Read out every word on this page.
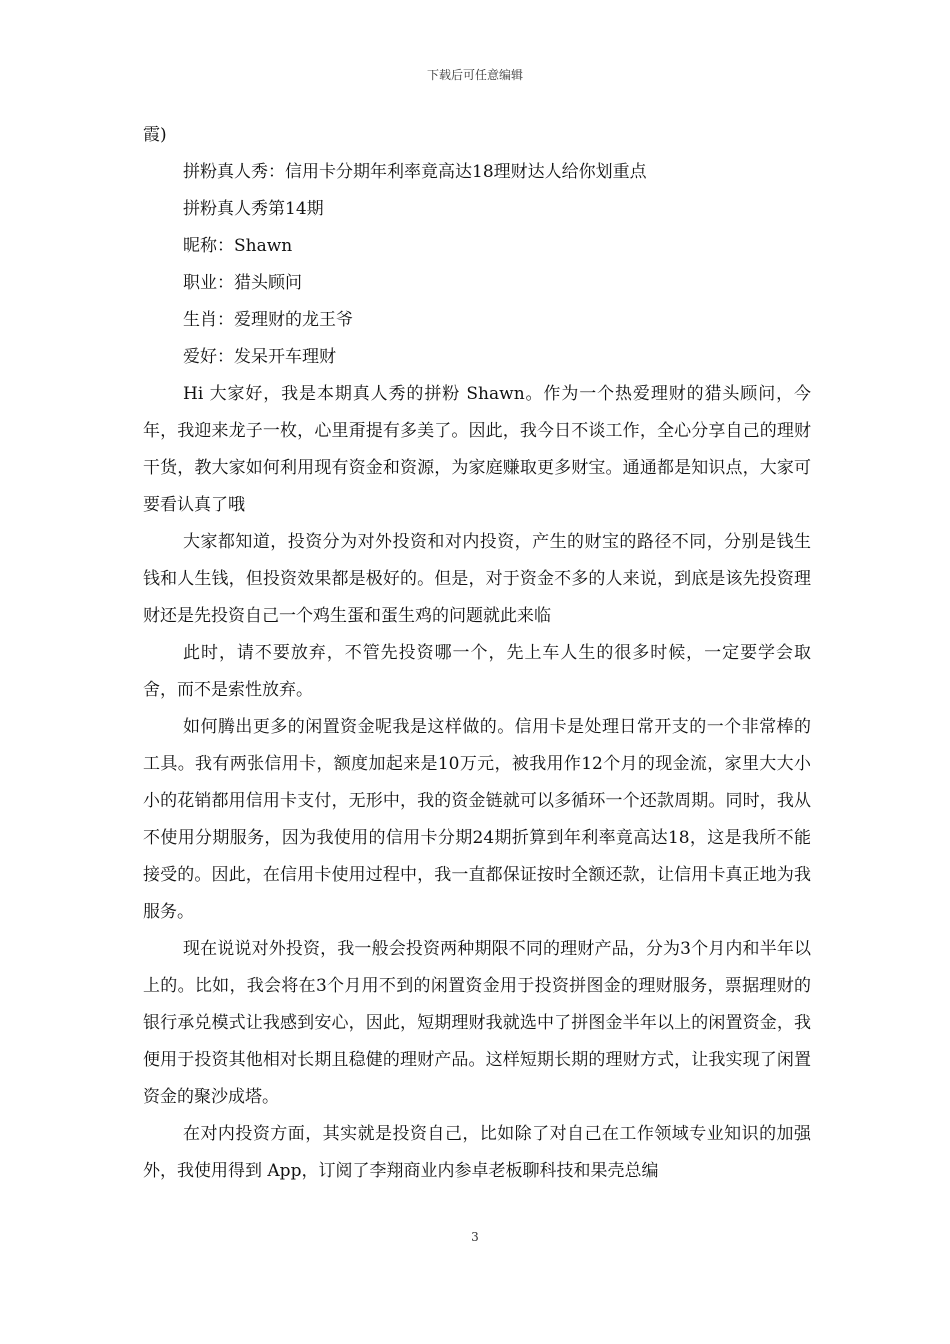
下载后可任意编辑

霞)

拼粉真人秀：信用卡分期年利率竟高达18理财达人给你划重点

拼粉真人秀第14期

昵称：Shawn

职业：猎头顾问

生肖：爱理财的龙王爷

爱好：发呆开车理财

Hi 大家好，我是本期真人秀的拼粉 Shawn。作为一个热爱理财的猎头顾问，今年，我迎来龙子一枚，心里甭提有多美了。因此，我今日不谈工作，全心分享自己的理财干货，教大家如何利用现有资金和资源，为家庭赚取更多财宝。通通都是知识点，大家可要看认真了哦

大家都知道，投资分为对外投资和对内投资，产生的财宝的路径不同，分别是钱生钱和人生钱，但投资效果都是极好的。但是，对于资金不多的人来说，到底是该先投资理财还是先投资自己一个鸡生蛋和蛋生鸡的问题就此来临

此时，请不要放弃，不管先投资哪一个，先上车人生的很多时候，一定要学会取舍，而不是索性放弃。

如何腾出更多的闲置资金呢我是这样做的。信用卡是处理日常开支的一个非常棒的工具。我有两张信用卡，额度加起来是10万元，被我用作12个月的现金流，家里大大小小的花销都用信用卡支付，无形中，我的资金链就可以多循环一个还款周期。同时，我从不使用分期服务，因为我使用的信用卡分期24期折算到年利率竟高达18，这是我所不能接受的。因此，在信用卡使用过程中，我一直都保证按时全额还款，让信用卡真正地为我服务。

现在说说对外投资，我一般会投资两种期限不同的理财产品，分为3个月内和半年以上的。比如，我会将在3个月用不到的闲置资金用于投资拼图金的理财服务，票据理财的银行承兑模式让我感到安心，因此，短期理财我就选中了拼图金半年以上的闲置资金，我便用于投资其他相对长期且稳健的理财产品。这样短期长期的理财方式，让我实现了闲置资金的聚沙成塔。

在对内投资方面，其实就是投资自己，比如除了对自己在工作领域专业知识的加强外，我使用得到 App，订阅了李翔商业内参卓老板聊科技和果壳总编

3
